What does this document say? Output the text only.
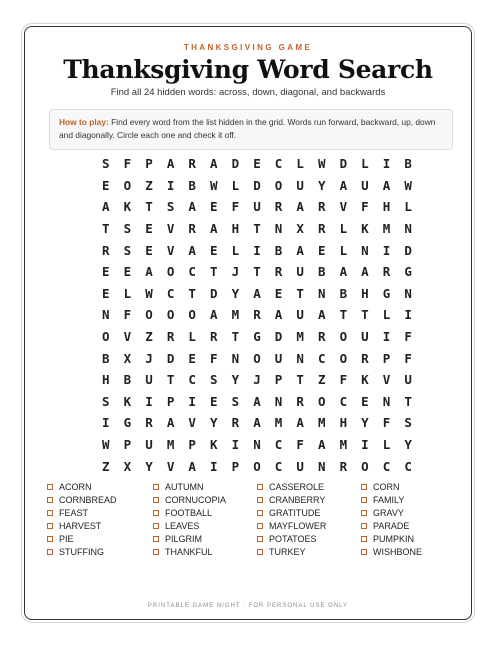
THANKSGIVING GAME
Thanksgiving Word Search
Find all 24 hidden words: across, down, diagonal, and backwards
How to play: Find every word from the list hidden in the grid. Words run forward, backward, up, down and diagonally. Circle each one and check it off.
S	F	P	A	R	A	D	E	C	L	W	D	L	I	B
E	O	Z	I	B	W	L	D	O	U	Y	A	U	A	W
A	K	T	S	A	E	F	U	R	A	R	V	F	H	L
T	S	E	V	R	A	H	T	N	X	R	L	K	M	N
R	S	E	V	A	E	L	I	B	A	E	L	N	I	D
E	E	A	O	C	T	J	T	R	U	B	A	A	R	G
E	L	W	C	T	D	Y	A	E	T	N	B	H	G	N
N	F	O	O	O	A	M	R	A	U	A	T	T	L	I
O	V	Z	R	L	R	T	G	D	M	R	O	U	I	F
B	X	J	D	E	F	N	O	U	N	C	O	R	P	F
H	B	U	T	C	S	Y	J	P	T	Z	F	K	V	U
S	K	I	P	I	E	S	A	N	R	O	C	E	N	T
I	G	R	A	V	Y	R	A	M	A	M	H	Y	F	S
W	P	U	M	P	K	I	N	C	F	A	M	I	L	Y
Z	X	Y	V	A	I	P	O	C	U	N	R	O	C	C
ACORN	AUTUMN	CASSEROLE	CORN
CORNBREAD	CORNUCOPIA	CRANBERRY	FAMILY
FEAST	FOOTBALL	GRATITUDE	GRAVY
HARVEST	LEAVES	MAYFLOWER	PARADE
PIE	PILGRIM	POTATOES	PUMPKIN
STUFFING	THANKFUL	TURKEY	WISHBONE
PRINTABLE GAME NIGHT · FOR PERSONAL USE ONLY
